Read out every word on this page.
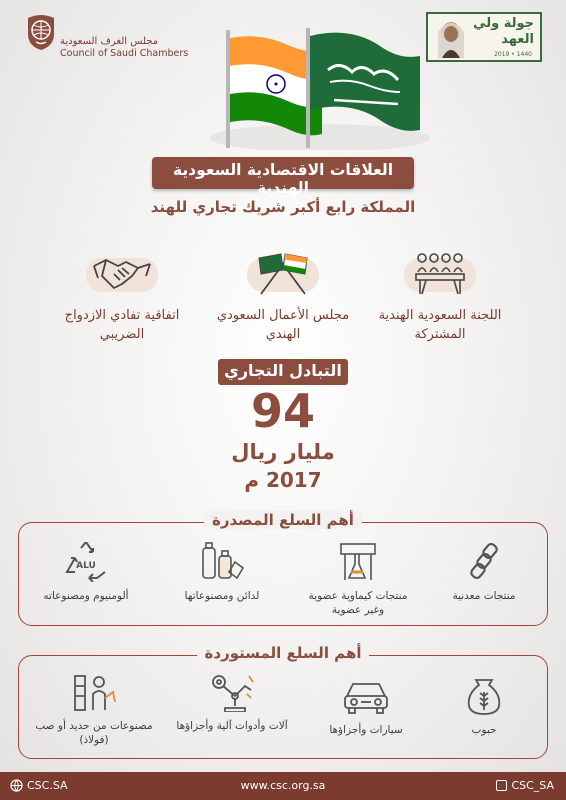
مجلس الغرف السعودية
Council of Saudi Chambers
جولة ولي العهد
2019 • 1440
العلاقات الاقتصادية السعودية الهندية
المملكة رابع أكبر شريك تجاري للهند
اللجنة السعودية الهندية المشتركة
مجلس الأعمال السعودي الهندي
اتفاقية تفادي الازدواج الضريبي
التبادل التجاري
94
مليار ريال
2017 م
أهم السلع المصدرة
منتجات معدنية
منتجات كيماوية عضوية وغير عضوية
لدائن ومصنوعاتها
ALU
ألومنيوم ومصنوعاته
أهم السلع المستوردة
حبوب
سيارات وأجزاؤها
آلات وأدوات آلية وأجزاؤها
مصنوعات من حديد أو صب (فولاذ)
CSC.SA	www.csc.org.sa	CSC_SA
